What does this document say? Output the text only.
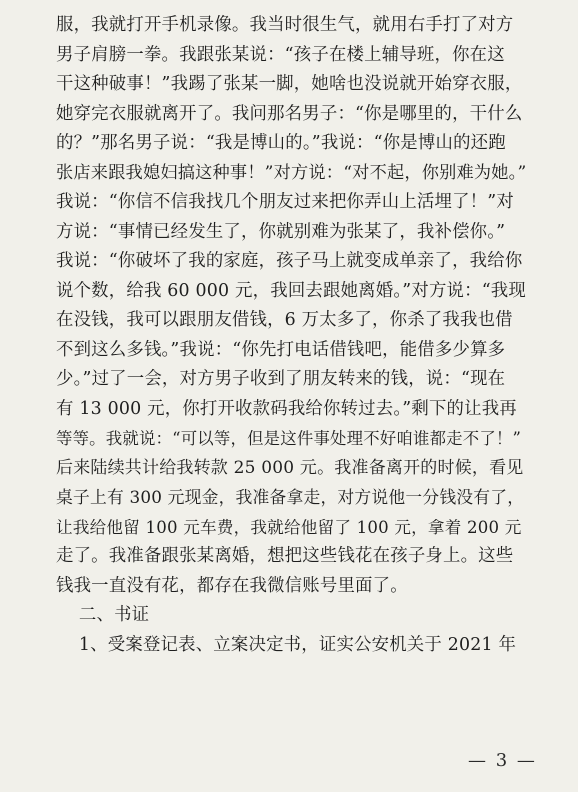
服，我就打开手机录像。我当时很生气，就用右手打了对方
男子肩膀一拳。我跟张某说：“孩子在楼上辅导班，你在这
干这种破事！”我踢了张某一脚，她啥也没说就开始穿衣服，
她穿完衣服就离开了。我问那名男子：“你是哪里的，干什么
的？”那名男子说：“我是博山的。”我说：“你是博山的还跑
张店来跟我媳妇搞这种事！”对方说：“对不起，你别难为她。”
我说：“你信不信我找几个朋友过来把你弄山上活埋了！”对
方说：“事情已经发生了，你就别难为张某了，我补偿你。”
我说：“你破坏了我的家庭，孩子马上就变成单亲了，我给你
说个数，给我 60 000 元，我回去跟她离婚。”对方说：“我现
在没钱，我可以跟朋友借钱，6 万太多了，你杀了我我也借
不到这么多钱。”我说：“你先打电话借钱吧，能借多少算多
少。”过了一会，对方男子收到了朋友转来的钱，说：“现在
有 13 000 元，你打开收款码我给你转过去。”剩下的让我再
等等。我就说：“可以等，但是这件事处理不好咱谁都走不了！”
后来陆续共计给我转款 25 000 元。我准备离开的时候，看见
桌子上有 300 元现金，我准备拿走，对方说他一分钱没有了，
让我给他留 100 元车费，我就给他留了 100 元，拿着 200 元
走了。我准备跟张某离婚，想把这些钱花在孩子身上。这些
钱我一直没有花，都存在我微信账号里面了。
二、书证
1、受案登记表、立案决定书，证实公安机关于 2021 年
— 3 —
